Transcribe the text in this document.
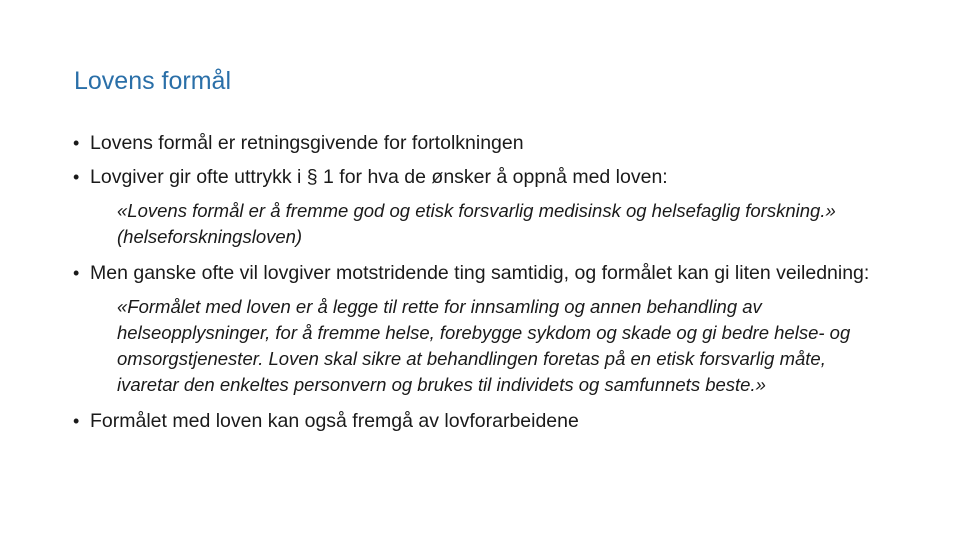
Lovens formål
• Lovens formål er retningsgivende for fortolkningen
• Lovgiver gir ofte uttrykk i § 1 for hva de ønsker å oppnå med loven:
«Lovens formål er å fremme god og etisk forsvarlig medisinsk og helsefaglig forskning.» (helseforskningsloven)
• Men ganske ofte vil lovgiver motstridende ting samtidig, og formålet kan gi liten veiledning:
«Formålet med loven er å legge til rette for innsamling og annen behandling av helseopplysninger, for å fremme helse, forebygge sykdom og skade og gi bedre helse- og omsorgstjenester. Loven skal sikre at behandlingen foretas på en etisk forsvarlig måte, ivaretar den enkeltes personvern og brukes til individets og samfunnets beste.»
• Formålet med loven kan også fremgå av lovforarbeidene
